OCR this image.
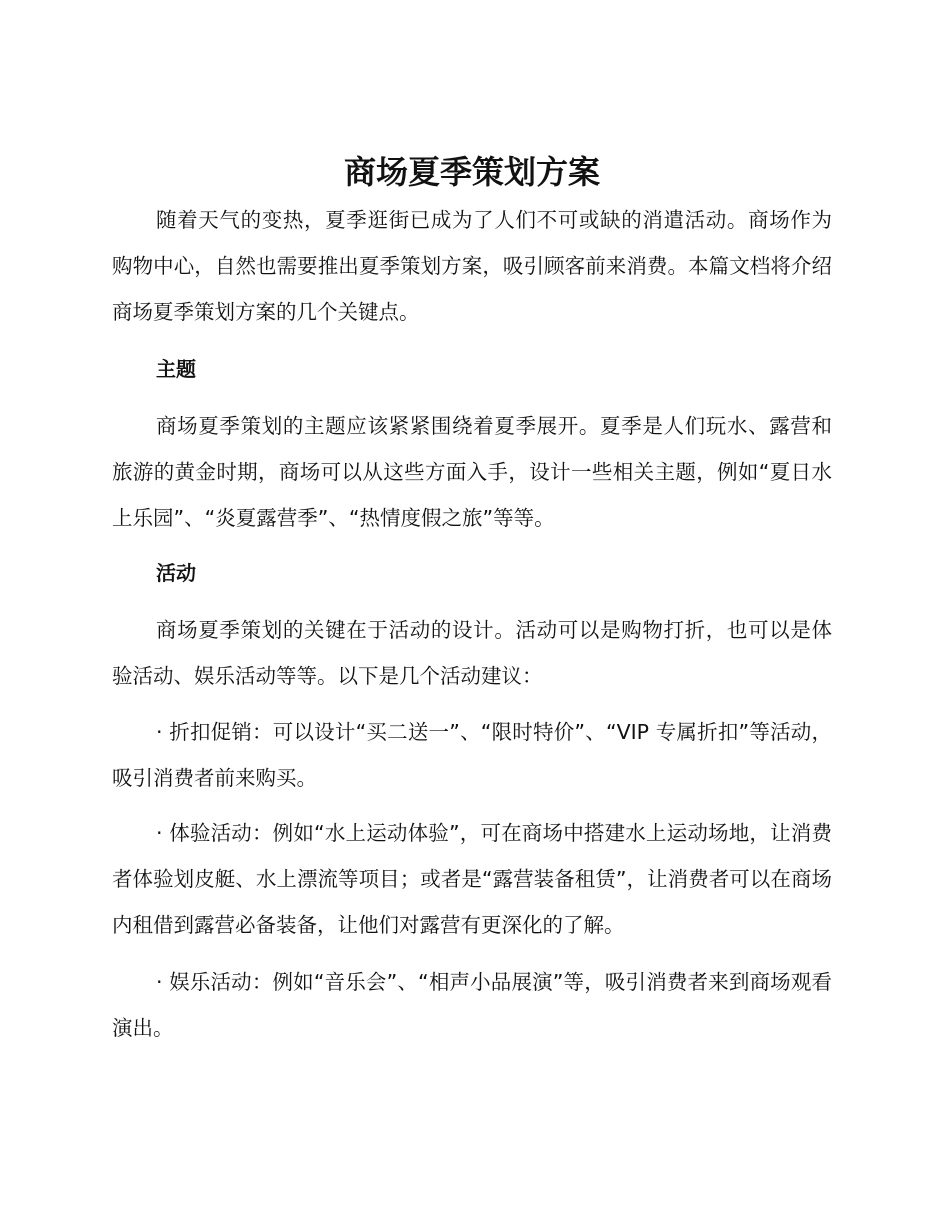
商场夏季策划方案

随着天气的变热，夏季逛街已成为了人们不可或缺的消遣活动。商场作为购物中心，自然也需要推出夏季策划方案，吸引顾客前来消费。本篇文档将介绍商场夏季策划方案的几个关键点。

主题

商场夏季策划的主题应该紧紧围绕着夏季展开。夏季是人们玩水、露营和旅游的黄金时期，商场可以从这些方面入手，设计一些相关主题，例如“夏日水上乐园”、“炎夏露营季”、“热情度假之旅”等等。

活动

商场夏季策划的关键在于活动的设计。活动可以是购物打折，也可以是体验活动、娱乐活动等等。以下是几个活动建议：

· 折扣促销：可以设计“买二送一”、“限时特价”、“VIP 专属折扣”等活动，吸引消费者前来购买。

· 体验活动：例如“水上运动体验”，可在商场中搭建水上运动场地，让消费者体验划皮艇、水上漂流等项目；或者是“露营装备租赁”，让消费者可以在商场内租借到露营必备装备，让他们对露营有更深化的了解。

· 娱乐活动：例如“音乐会”、“相声小品展演”等，吸引消费者来到商场观看演出。
